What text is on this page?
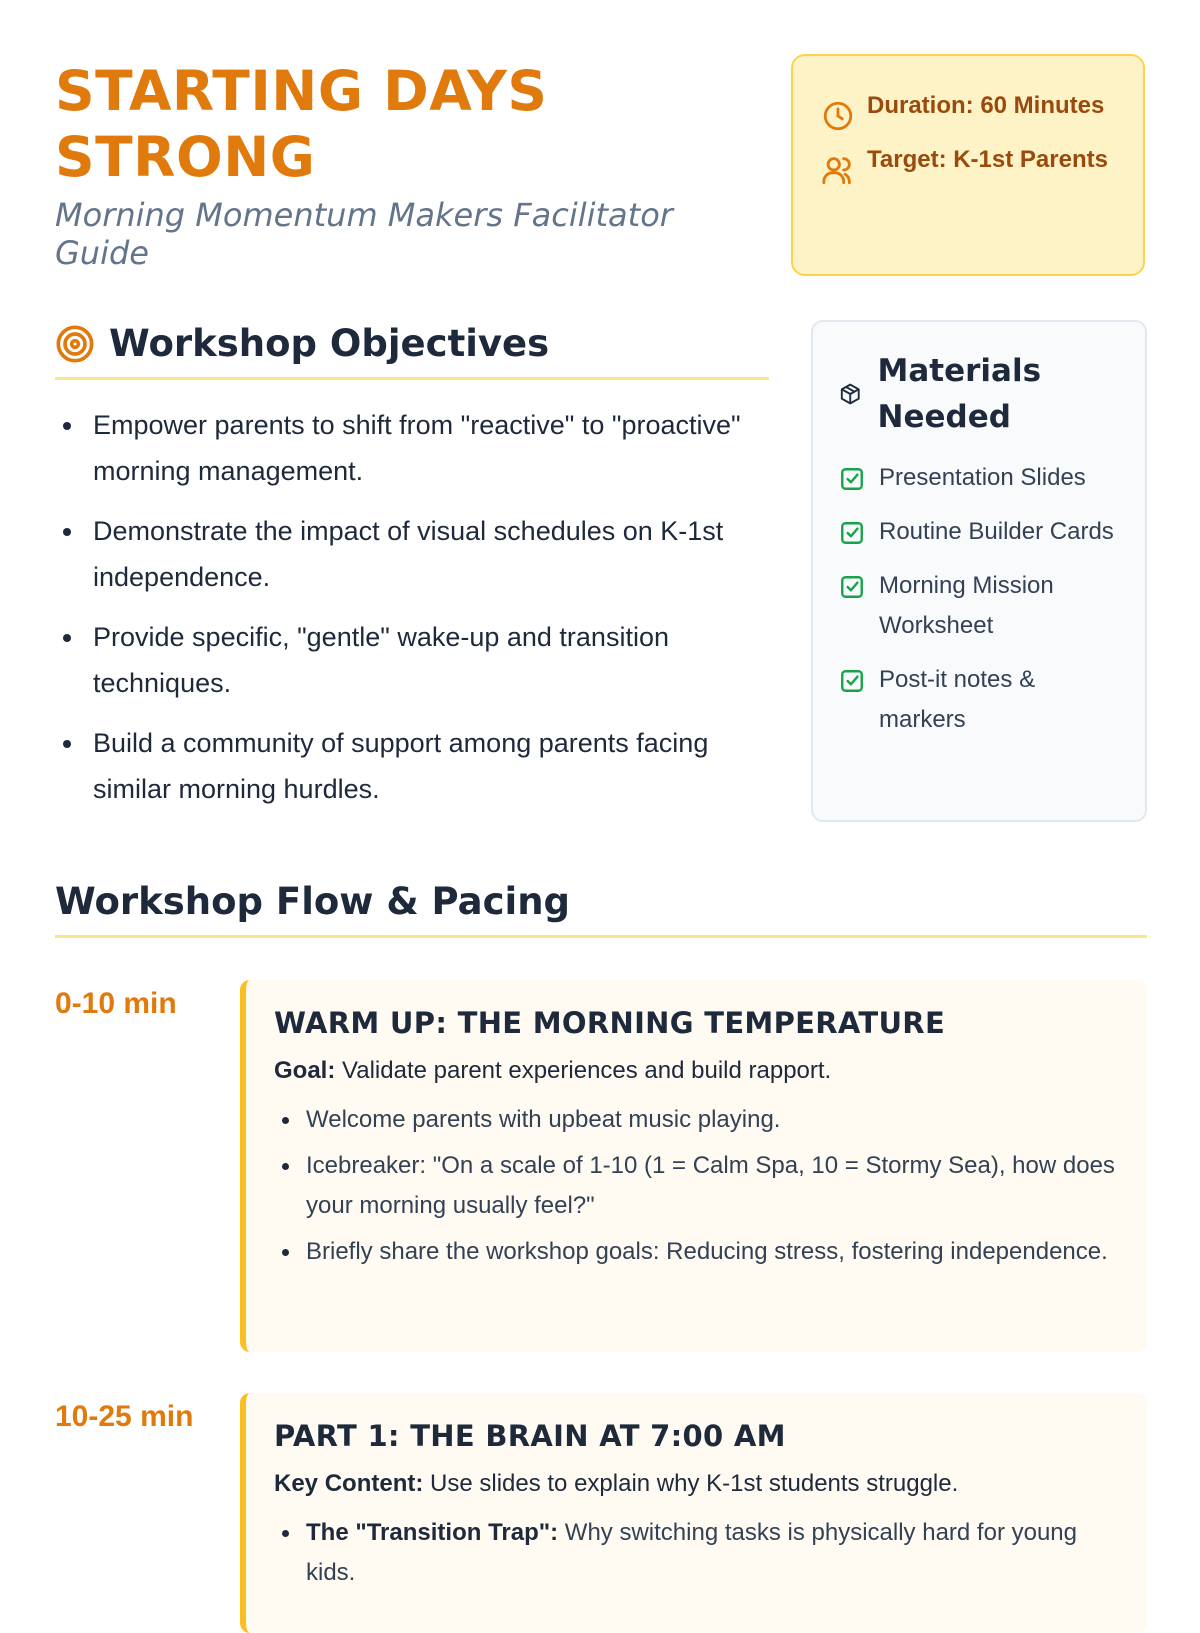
STARTING DAYS STRONG

Morning Momentum Makers Facilitator Guide

Duration: 60 Minutes
Target: K-1st Parents
Workshop Objectives
Empower parents to shift from "reactive" to "proactive" morning management.
Demonstrate the impact of visual schedules on K-1st independence.
Provide specific, "gentle" wake-up and transition techniques.
Build a community of support among parents facing similar morning hurdles.
Materials Needed
Presentation Slides
Routine Builder Cards
Morning Mission Worksheet
Post-it notes & markers
Workshop Flow & Pacing
0-10 min
WARM UP: THE MORNING TEMPERATURE

Goal: Validate parent experiences and build rapport.

Welcome parents with upbeat music playing.
Icebreaker: "On a scale of 1-10 (1 = Calm Spa, 10 = Stormy Sea), how does your morning usually feel?"
Briefly share the workshop goals: Reducing stress, fostering independence.
10-25 min
PART 1: THE BRAIN AT 7:00 AM

Key Content: Use slides to explain why K-1st students struggle.

The "Transition Trap": Why switching tasks is physically hard for young kids.
